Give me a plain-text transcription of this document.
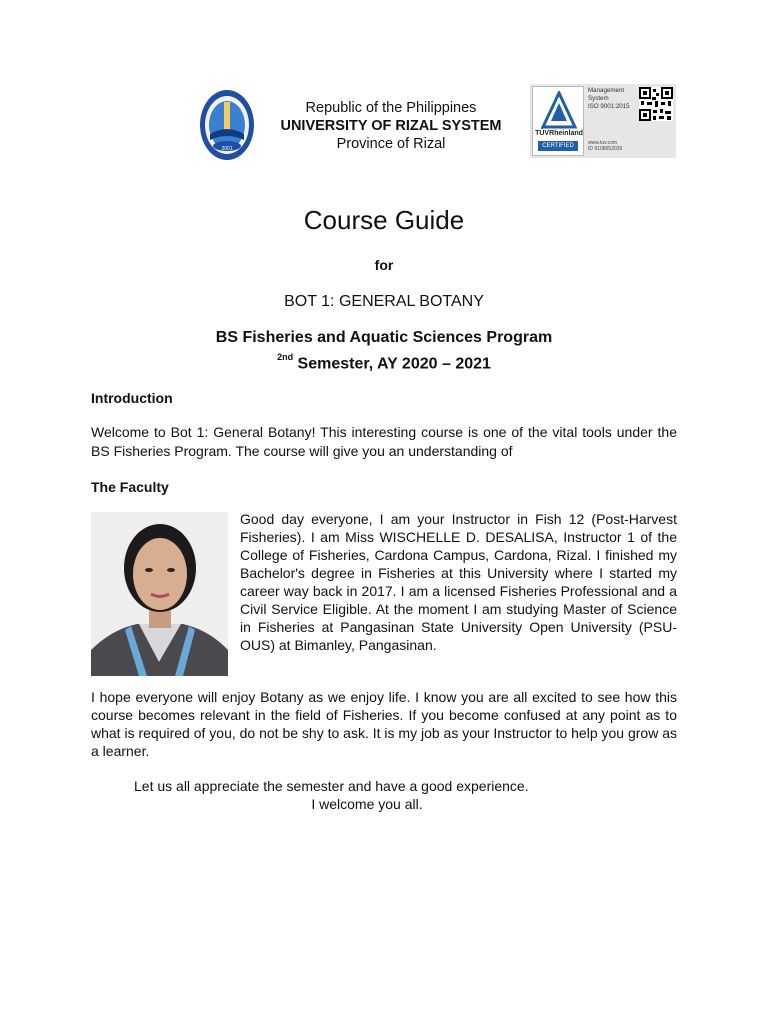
2001
Republic of the Philippines
UNIVERSITY OF RIZAL SYSTEM
Province of Rizal
TÜVRheinland
CERTIFIED
Management
System
ISO 9001:2015
www.tuv.com
ID 9108652029
Course Guide
for
BOT 1: GENERAL BOTANY
BS Fisheries and Aquatic Sciences Program
$^{2nd}$ Semester, AY 2020 – 2021
Introduction
Welcome to Bot 1: General Botany! This interesting course is one of the vital tools under the BS Fisheries Program. The course will give you an understanding of
The Faculty
Good day everyone, I am your Instructor in Fish 12 (Post-Harvest Fisheries). I am Miss WISCHELLE D. DESALISA, Instructor 1 of the College of Fisheries, Cardona Campus, Cardona, Rizal. I finished my Bachelor's degree in Fisheries at this University where I started my career way back in 2017. I am a licensed Fisheries Professional and a Civil Service Eligible. At the moment I am studying Master of Science in Fisheries at Pangasinan State University Open University (PSU-OUS) at Bimanley, Pangasinan.
I hope everyone will enjoy Botany as we enjoy life. I know you are all excited to see how this course becomes relevant in the field of Fisheries. If you become confused at any point as to what is required of you, do not be shy to ask. It is my job as your Instructor to help you grow as a learner.
Let us all appreciate the semester and have a good experience.
I welcome you all.
